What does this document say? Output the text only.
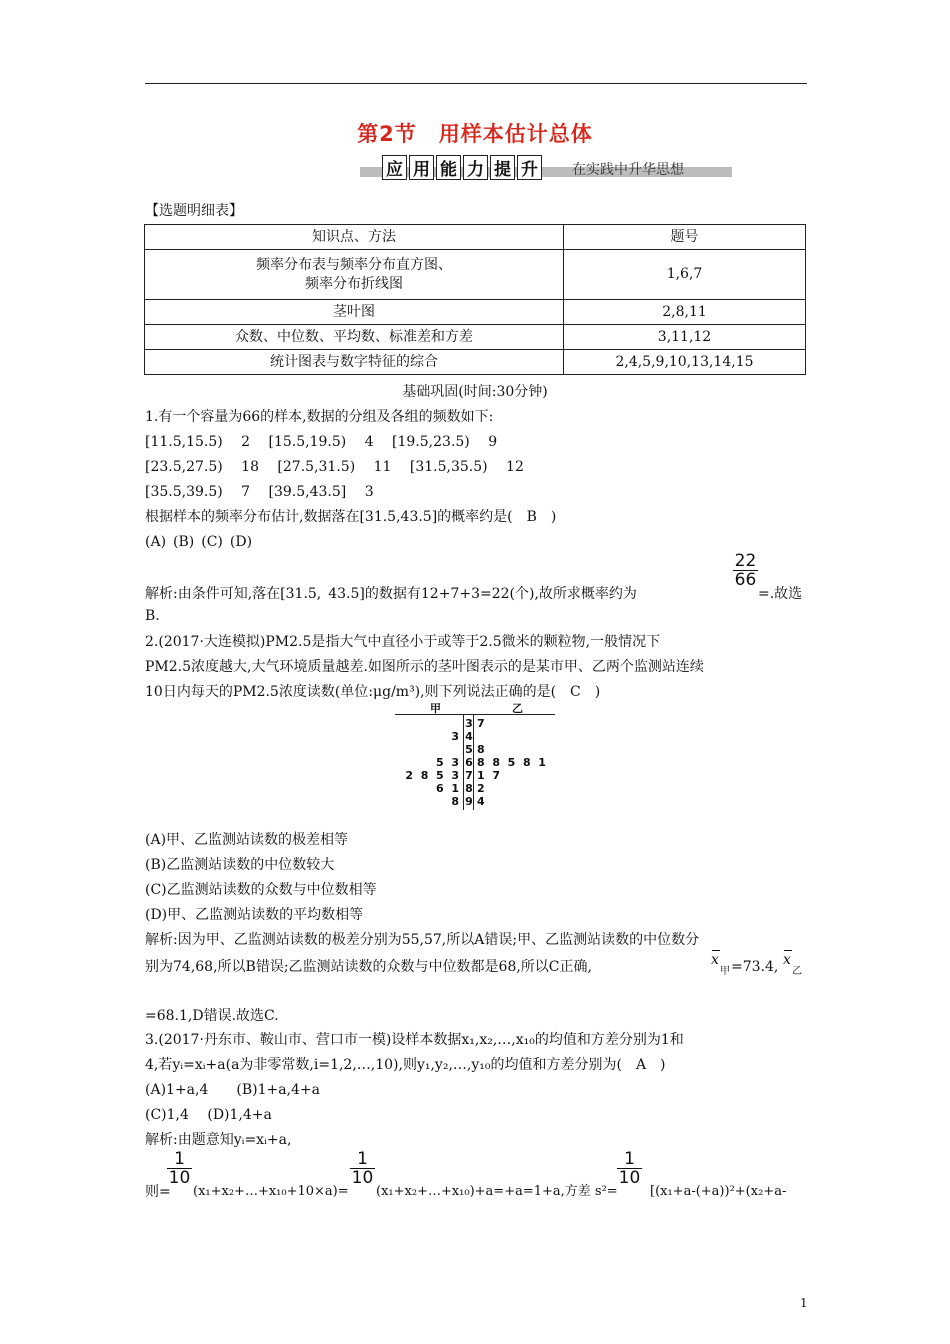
第2节　用样本估计总体
应 用 能 力 提 升 在实践中升华思想
【选题明细表】
知识点、方法	题号

频率分布表与频率分布直方图、
频率分布折线图	1,6,7
茎叶图	2,8,11
众数、中位数、平均数、标准差和方差	3,11,12
统计图表与数字特征的综合	2,4,5,9,10,13,14,15
基础巩固(时间:30分钟)
1.有一个容量为66的样本,数据的分组及各组的频数如下:
[11.5,15.5)  2  [15.5,19.5)  4  [19.5,23.5)  9
[23.5,27.5)  18  [27.5,31.5)  11  [31.5,35.5)  12
[35.5,39.5)  7  [39.5,43.5]  3
根据样本的频率分布估计,数据落在[31.5,43.5]的概率约是(　B　)
(A) (B) (C) (D)
$\frac{22}{66}$
解析:由条件可知,落在[31.5, 43.5]的数据有12+7+3=22(个),故所求概率约为	=.故选
B.
2.(2017·大连模拟)PM2.5是指大气中直径小于或等于2.5微米的颗粒物,一般情况下
PM2.5浓度越大,大气环境质量越差.如图所示的茎叶图表示的是某市甲、乙两个监测站连续
10日内每天的PM2.5浓度读数(单位:μg/m³),则下列说法正确的是(　C　)
甲	乙
3 7
3 4
5 8
5  3 6 8  8  5  8  1
2  8  5  3 7 1  7
6  1 8 2
8 9 4
(A)甲、乙监测站读数的极差相等
(B)乙监测站读数的中位数较大
(C)乙监测站读数的众数与中位数相等
(D)甲、乙监测站读数的平均数相等
解析:因为甲、乙监测站读数的极差分别为55,57,所以A错误;甲、乙监测站读数的中位数分
别为74,68,所以B错误;乙监测站读数的众数与中位数都是68,所以C正确,	x
甲 =73.4, x
乙
=68.1,D错误.故选C.
3.(2017·丹东市、鞍山市、营口市一模)设样本数据x₁,x₂,…,x₁₀的均值和方差分别为1和
4,若yᵢ=xᵢ+a(a为非零常数,i=1,2,…,10),则y₁,y₂,…,y₁₀的均值和方差分别为(　A　)
(A)1+a,4  (B)1+a,4+a
(C)1,4  (D)1,4+a
解析:由题意知yᵢ=xᵢ+a,
$\frac{1}{10}$	$\frac{1}{10}$	$\frac{1}{10}$
则= (x₁+x₂+…+x₁₀+10×a)= (x₁+x₂+…+x₁₀)+a=+a=1+a,方差 s²= [(x₁+a-(+a))²+(x₂+a-
1
